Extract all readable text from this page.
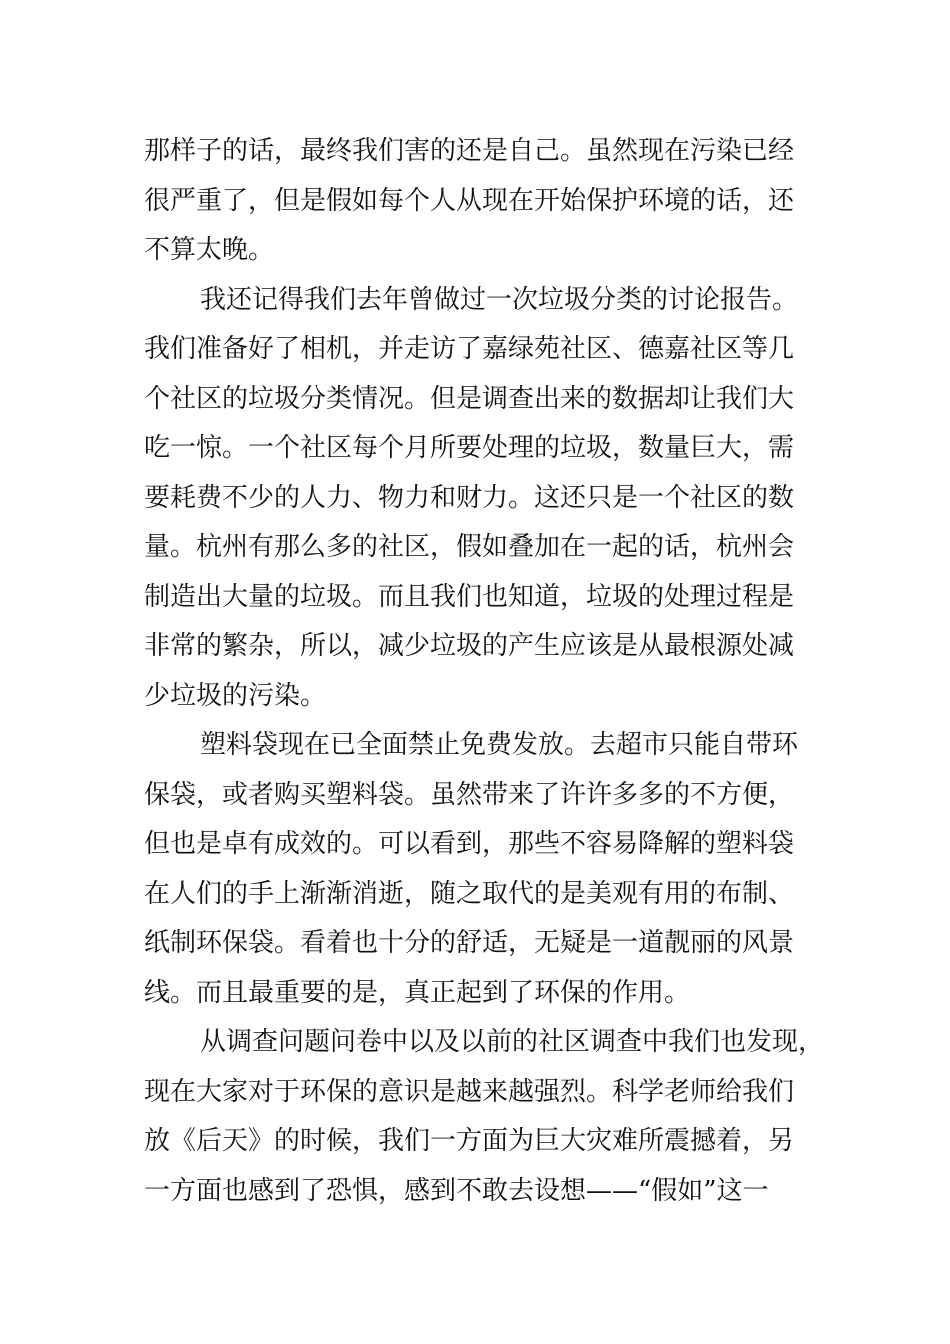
那样子的话，最终我们害的还是自己。虽然现在污染已经
很严重了，但是假如每个人从现在开始保护环境的话，还
不算太晚。
我还记得我们去年曾做过一次垃圾分类的讨论报告。
我们准备好了相机，并走访了嘉绿苑社区、德嘉社区等几
个社区的垃圾分类情况。但是调查出来的数据却让我们大
吃一惊。一个社区每个月所要处理的垃圾，数量巨大，需
要耗费不少的人力、物力和财力。这还只是一个社区的数
量。杭州有那么多的社区，假如叠加在一起的话，杭州会
制造出大量的垃圾。而且我们也知道，垃圾的处理过程是
非常的繁杂，所以，减少垃圾的产生应该是从最根源处减
少垃圾的污染。
塑料袋现在已全面禁止免费发放。去超市只能自带环
保袋，或者购买塑料袋。虽然带来了许许多多的不方便，
但也是卓有成效的。可以看到，那些不容易降解的塑料袋
在人们的手上渐渐消逝，随之取代的是美观有用的布制、
纸制环保袋。看着也十分的舒适，无疑是一道靓丽的风景
线。而且最重要的是，真正起到了环保的作用。
从调查问题问卷中以及以前的社区调查中我们也发现，
现在大家对于环保的意识是越来越强烈。科学老师给我们
放《后天》的时候，我们一方面为巨大灾难所震撼着，另
一方面也感到了恐惧，感到不敢去设想——“假如”这一
